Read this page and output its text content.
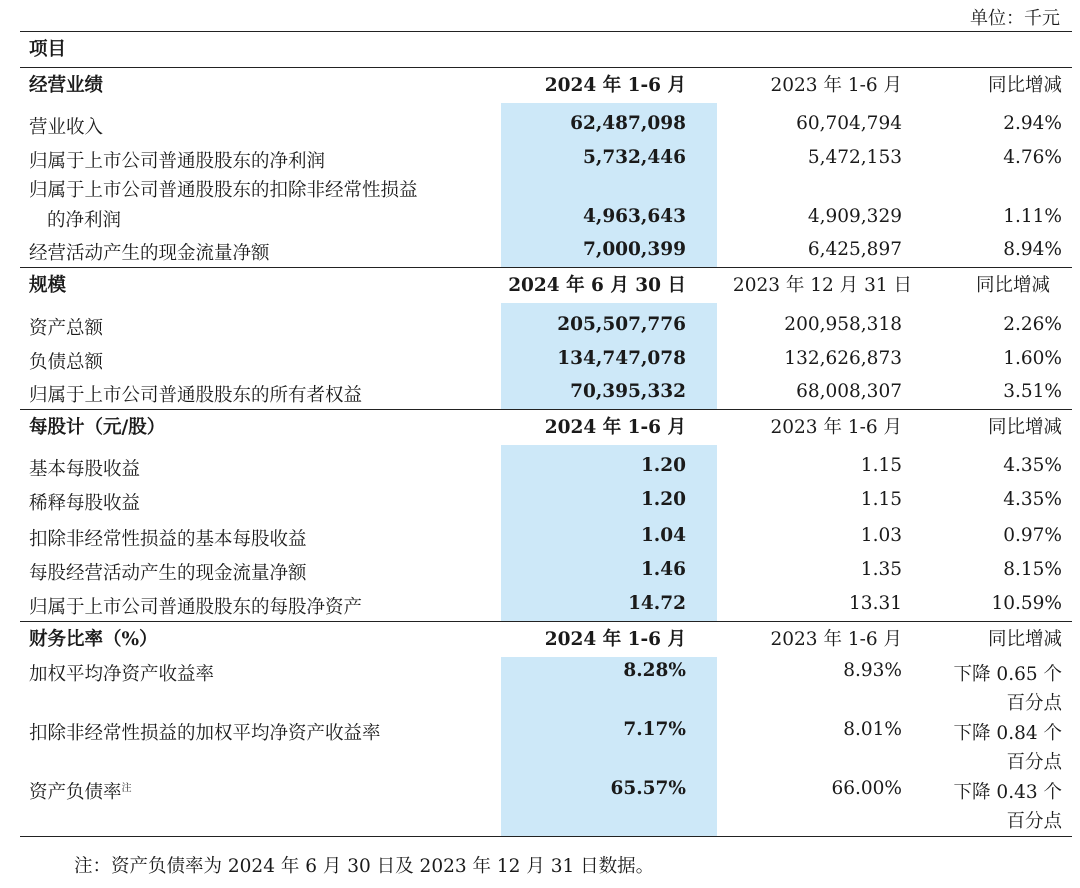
单位：千元
项目
经营业绩	2024 年 1-6 月	2023 年 1-6 月	同比增减
营业收入	62,487,098	60,704,794	2.94%
归属于上市公司普通股股东的净利润	5,732,446	5,472,153	4.76%
归属于上市公司普通股股东的扣除非经常性损益
的净利润	4,963,643	4,909,329	1.11%
经营活动产生的现金流量净额	7,000,399	6,425,897	8.94%
规模	2024 年 6 月 30 日	2023 年 12 月 31 日	同比增减
资产总额	205,507,776	200,958,318	2.26%
负债总额	134,747,078	132,626,873	1.60%
归属于上市公司普通股股东的所有者权益	70,395,332	68,008,307	3.51%
每股计（元/股）	2024 年 1-6 月	2023 年 1-6 月	同比增减
基本每股收益	1.20	1.15	4.35%
稀释每股收益	1.20	1.15	4.35%
扣除非经常性损益的基本每股收益	1.04	1.03	0.97%
每股经营活动产生的现金流量净额	1.46	1.35	8.15%
归属于上市公司普通股股东的每股净资产	14.72	13.31	10.59%
财务比率（%）	2024 年 1-6 月	2023 年 1-6 月	同比增减
加权平均净资产收益率	8.28%	8.93%	下降 0.65 个
百分点
扣除非经常性损益的加权平均净资产收益率	7.17%	8.01%	下降 0.84 个
百分点
资产负债率$^注$	65.57%	66.00%	下降 0.43 个
百分点
注：资产负债率为 2024 年 6 月 30 日及 2023 年 12 月 31 日数据。
